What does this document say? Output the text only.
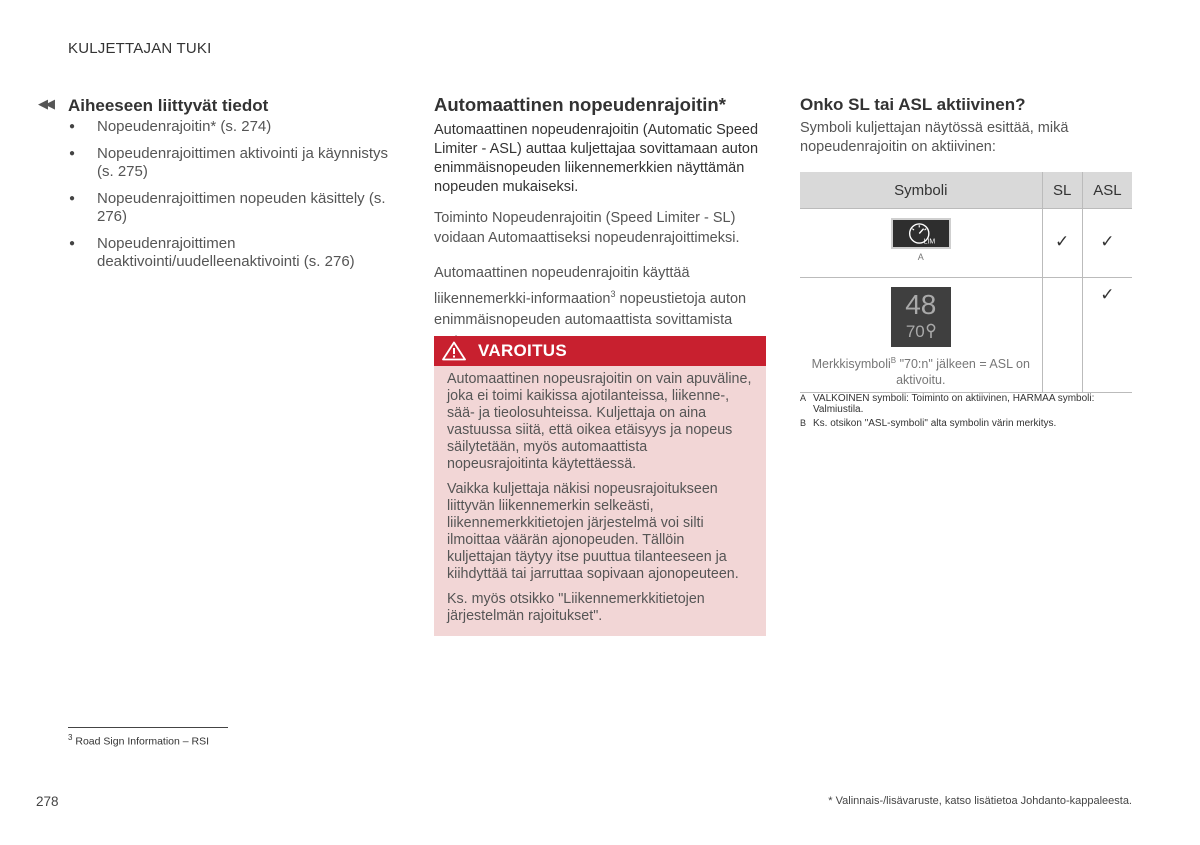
KULJETTAJAN TUKI
◀◀ Aiheeseen liittyvät tiedot
● Nopeudenrajoitin* (s. 274)
● Nopeudenrajoittimen aktivointi ja käynnistys (s. 275)
● Nopeudenrajoittimen nopeuden käsittely (s. 276)
● Nopeudenrajoittimen deaktivointi/uudelleenaktivointi (s. 276)
Automaattinen nopeudenrajoitin*
Automaattinen nopeudenrajoitin (Automatic Speed Limiter - ASL) auttaa kuljettajaa sovittamaan auton enimmäisnopeuden liikennemerkkien näyttämän nopeuden mukaiseksi.
Toiminto Nopeudenrajoitin (Speed Limiter - SL) voidaan Automaattiseksi nopeudenrajoittimeksi.
Automaattinen nopeudenrajoitin käyttää liikennemerkki-informaation$^3$ nopeustietoja auton enimmäisnopeuden automaattista sovittamista
VAROITUS

Automaattinen nopeusrajoitin on vain apuväline, joka ei toimi kaikissa ajotilanteissa, liikenne-, sää- ja tieolosuhteissa. Kuljettaja on aina vastuussa siitä, että oikea etäisyys ja nopeus säilytetään, myös automaattista nopeusrajoitinta käytettäessä.

Vaikka kuljettaja näkisi nopeusrajoitukseen liittyvän liikennemerkin selkeästi, liikennemerkkitietojen järjestelmä voi silti ilmoittaa väärän ajonopeuden. Tällöin kuljettajan täytyy itse puuttua tilanteeseen ja kiihdyttää tai jarruttaa sopivaan ajonopeuteen.

Ks. myös otsikko "Liikennemerkkitietojen järjestelmän rajoitukset".

Onko SL tai ASL aktiivinen?
Symboli kuljettajan näytössä esittää, mikä nopeudenrajoitin on aktiivinen:
Symboli	SL	ASL

LIM
A	✓	✓

48
70
Merkkisymboli$^B$ "70:n" jälkeen = ASL on aktivoitu.		✓
A VALKOINEN symboli: Toiminto on aktiivinen, HARMAA symboli: Valmiustila.
B Ks. otsikon "ASL-symboli" alta symbolin värin merkitys.
$^3$ Road Sign Information – RSI
278	* Valinnais-/lisävaruste, katso lisätietoa Johdanto-kappaleesta.
